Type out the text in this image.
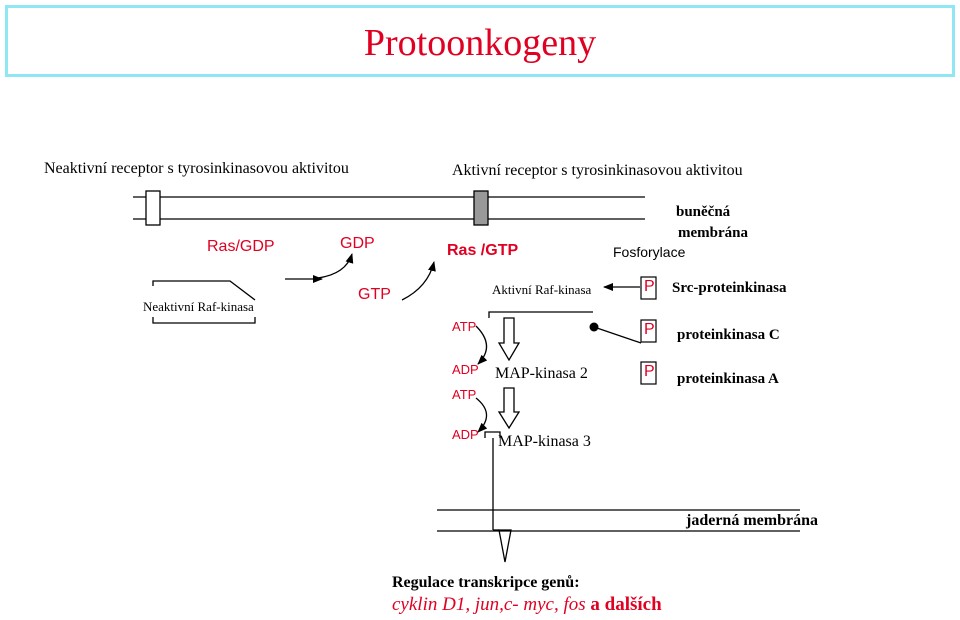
Protoonkogeny
Neaktivní receptor s tyrosinkinasovou aktivitou	Aktivní receptor s tyrosinkinasovou aktivitou
buněčná
membrána
Ras/GDP	GDP	Ras /GTP
GTP
Fosforylace
Neaktivní Raf-kinasa
Aktivní Raf-kinasa	P
P
P
Src-proteinkinasa
proteinkinasa C
proteinkinasa A
ATP
ADP
ATP
ADP
MAP-kinasa 2
MAP-kinasa 3
jaderná membrána
Regulace transkripce genů:
cyklin D1, jun,c- myc, fos a dalších
